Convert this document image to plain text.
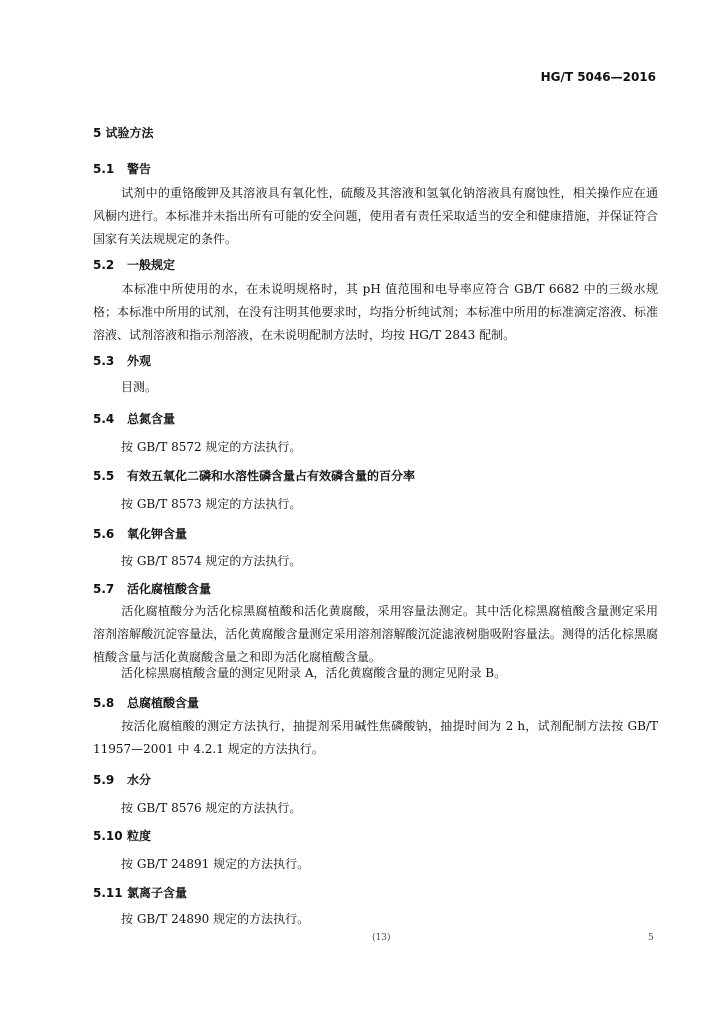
HG/T 5046—2016
5 试验方法
5.1 警告
试剂中的重铬酸钾及其溶液具有氧化性，硫酸及其溶液和氢氧化钠溶液具有腐蚀性，相关操作应在通风橱内进行。本标准并未指出所有可能的安全问题，使用者有责任采取适当的安全和健康措施，并保证符合国家有关法规规定的条件。
5.2 一般规定
本标准中所使用的水，在未说明规格时，其 pH 值范围和电导率应符合 GB/T 6682 中的三级水规格；本标准中所用的试剂，在没有注明其他要求时，均指分析纯试剂；本标准中所用的标准滴定溶液、标准溶液、试剂溶液和指示剂溶液，在未说明配制方法时，均按 HG/T 2843 配制。
5.3 外观
目测。
5.4 总氮含量
按 GB/T 8572 规定的方法执行。
5.5 有效五氧化二磷和水溶性磷含量占有效磷含量的百分率
按 GB/T 8573 规定的方法执行。
5.6 氧化钾含量
按 GB/T 8574 规定的方法执行。
5.7 活化腐植酸含量
活化腐植酸分为活化棕黑腐植酸和活化黄腐酸，采用容量法测定。其中活化棕黑腐植酸含量测定采用溶剂溶解酸沉淀容量法，活化黄腐酸含量测定采用溶剂溶解酸沉淀滤液树脂吸附容量法。测得的活化棕黑腐植酸含量与活化黄腐酸含量之和即为活化腐植酸含量。
活化棕黑腐植酸含量的测定见附录 A，活化黄腐酸含量的测定见附录 B。
5.8 总腐植酸含量
按活化腐植酸的测定方法执行，抽提剂采用碱性焦磷酸钠，抽提时间为 2 h，试剂配制方法按 GB/T 11957—2001 中 4.2.1 规定的方法执行。
5.9 水分
按 GB/T 8576 规定的方法执行。
5.10 粒度
按 GB/T 24891 规定的方法执行。
5.11 氯离子含量
按 GB/T 24890 规定的方法执行。
(13)	5
